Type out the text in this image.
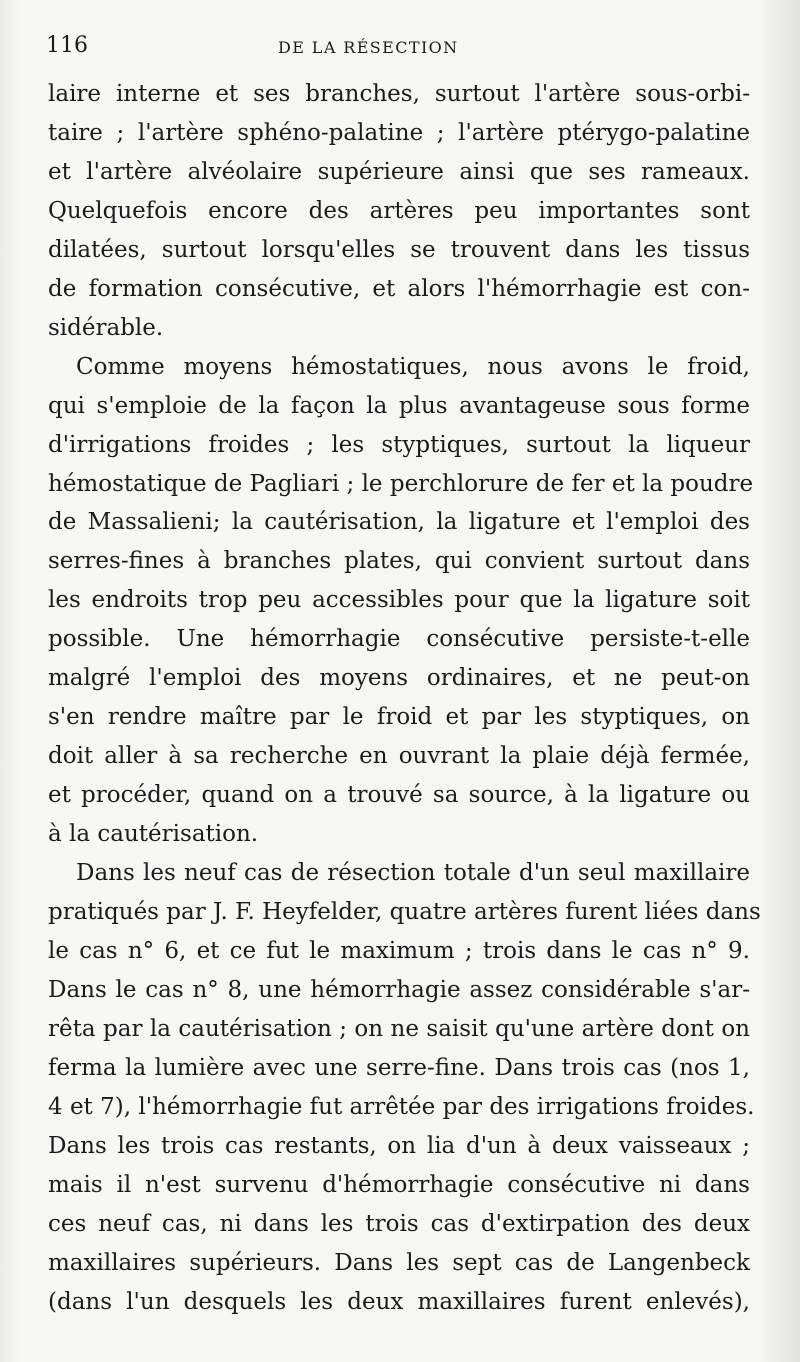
116	DE LA RÉSECTION
laire interne et ses branches, surtout l'artère sous-orbi-
taire ; l'artère sphéno-palatine ; l'artère ptérygo-palatine
et l'artère alvéolaire supérieure ainsi que ses rameaux.
Quelquefois encore des artères peu importantes sont
dilatées, surtout lorsqu'elles se trouvent dans les tissus
de formation consécutive, et alors l'hémorrhagie est con-
sidérable.
Comme moyens hémostatiques, nous avons le froid,
qui s'emploie de la façon la plus avantageuse sous forme
d'irrigations froides ; les styptiques, surtout la liqueur
hémostatique de Pagliari ; le perchlorure de fer et la poudre
de Massalieni; la cautérisation, la ligature et l'emploi des
serres-fines à branches plates, qui convient surtout dans
les endroits trop peu accessibles pour que la ligature soit
possible. Une hémorrhagie consécutive persiste-t-elle
malgré l'emploi des moyens ordinaires, et ne peut-on
s'en rendre maître par le froid et par les styptiques, on
doit aller à sa recherche en ouvrant la plaie déjà fermée,
et procéder, quand on a trouvé sa source, à la ligature ou
à la cautérisation.
Dans les neuf cas de résection totale d'un seul maxillaire
pratiqués par J. F. Heyfelder, quatre artères furent liées dans
le cas n° 6, et ce fut le maximum ; trois dans le cas n° 9.
Dans le cas n° 8, une hémorrhagie assez considérable s'ar-
rêta par la cautérisation ; on ne saisit qu'une artère dont on
ferma la lumière avec une serre-fine. Dans trois cas (nos 1,
4 et 7), l'hémorrhagie fut arrêtée par des irrigations froides.
Dans les trois cas restants, on lia d'un à deux vaisseaux ;
mais il n'est survenu d'hémorrhagie consécutive ni dans
ces neuf cas, ni dans les trois cas d'extirpation des deux
maxillaires supérieurs. Dans les sept cas de Langenbeck
(dans l'un desquels les deux maxillaires furent enlevés),
